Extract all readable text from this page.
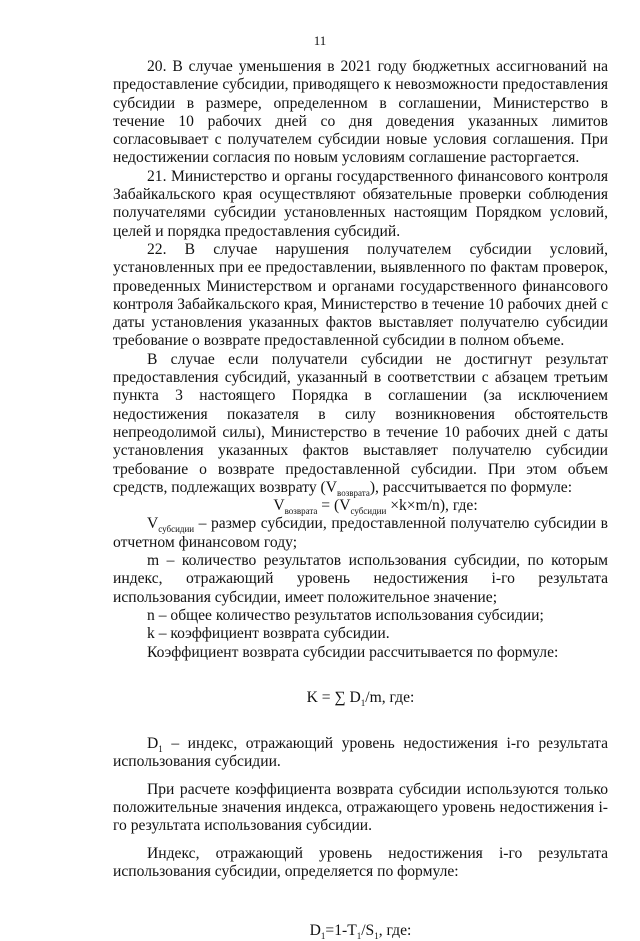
11

20. В случае уменьшения в 2021 году бюджетных ассигнований на предоставление субсидии, приводящего к невозможности предоставления субсидии в размере, определенном в соглашении, Министерство в течение 10 рабочих дней со дня доведения указанных лимитов согласовывает с получателем субсидии новые условия соглашения. При недостижении согласия по новым условиям соглашение расторгается.

21. Министерство и органы государственного финансового контроля Забайкальского края осуществляют обязательные проверки соблюдения получателями субсидии установленных настоящим Порядком условий, целей и порядка предоставления субсидий.

22. В случае нарушения получателем субсидии условий, установленных при ее предоставлении, выявленного по фактам проверок, проведенных Министерством и органами государственного финансового контроля Забайкальского края, Министерство в течение 10 рабочих дней с даты установления указанных фактов выставляет получателю субсидии требование о возврате предоставленной субсидии в полном объеме.

В случае если получатели субсидии не достигнут результат предоставления субсидий, указанный в соответствии с абзацем третьим пункта 3 настоящего Порядка в соглашении (за исключением недостижения показателя в силу возникновения обстоятельств непреодолимой силы), Министерство в течение 10 рабочих дней с даты установления указанных фактов выставляет получателю субсидии требование о возврате предоставленной субсидии. При этом объем средств, подлежащих возврату $(V_{возврата})$, рассчитывается по формуле:

$V_{возврата} = (V_{субсидии} \times k\times m/n)$, где:

$V_{субсидии}$ – размер субсидии, предоставленной получателю субсидии в отчетном финансовом году;

m – количество результатов использования субсидии, по которым индекс, отражающий уровень недостижения i-го результата использования субсидии, имеет положительное значение;

n – общее количество результатов использования субсидии;

k – коэффициент возврата субсидии.

Коэффициент возврата субсидии рассчитывается по формуле:

K = ∑ $D_1/m$, где:

$D_1$ – индекс, отражающий уровень недостижения i-го результата использования субсидии.

При расчете коэффициента возврата субсидии используются только положительные значения индекса, отражающего уровень недостижения i-го результата использования субсидии.

Индекс, отражающий уровень недостижения i-го результата использования субсидии, определяется по формуле:

$D_1=1-T_1/S_1$, где:
